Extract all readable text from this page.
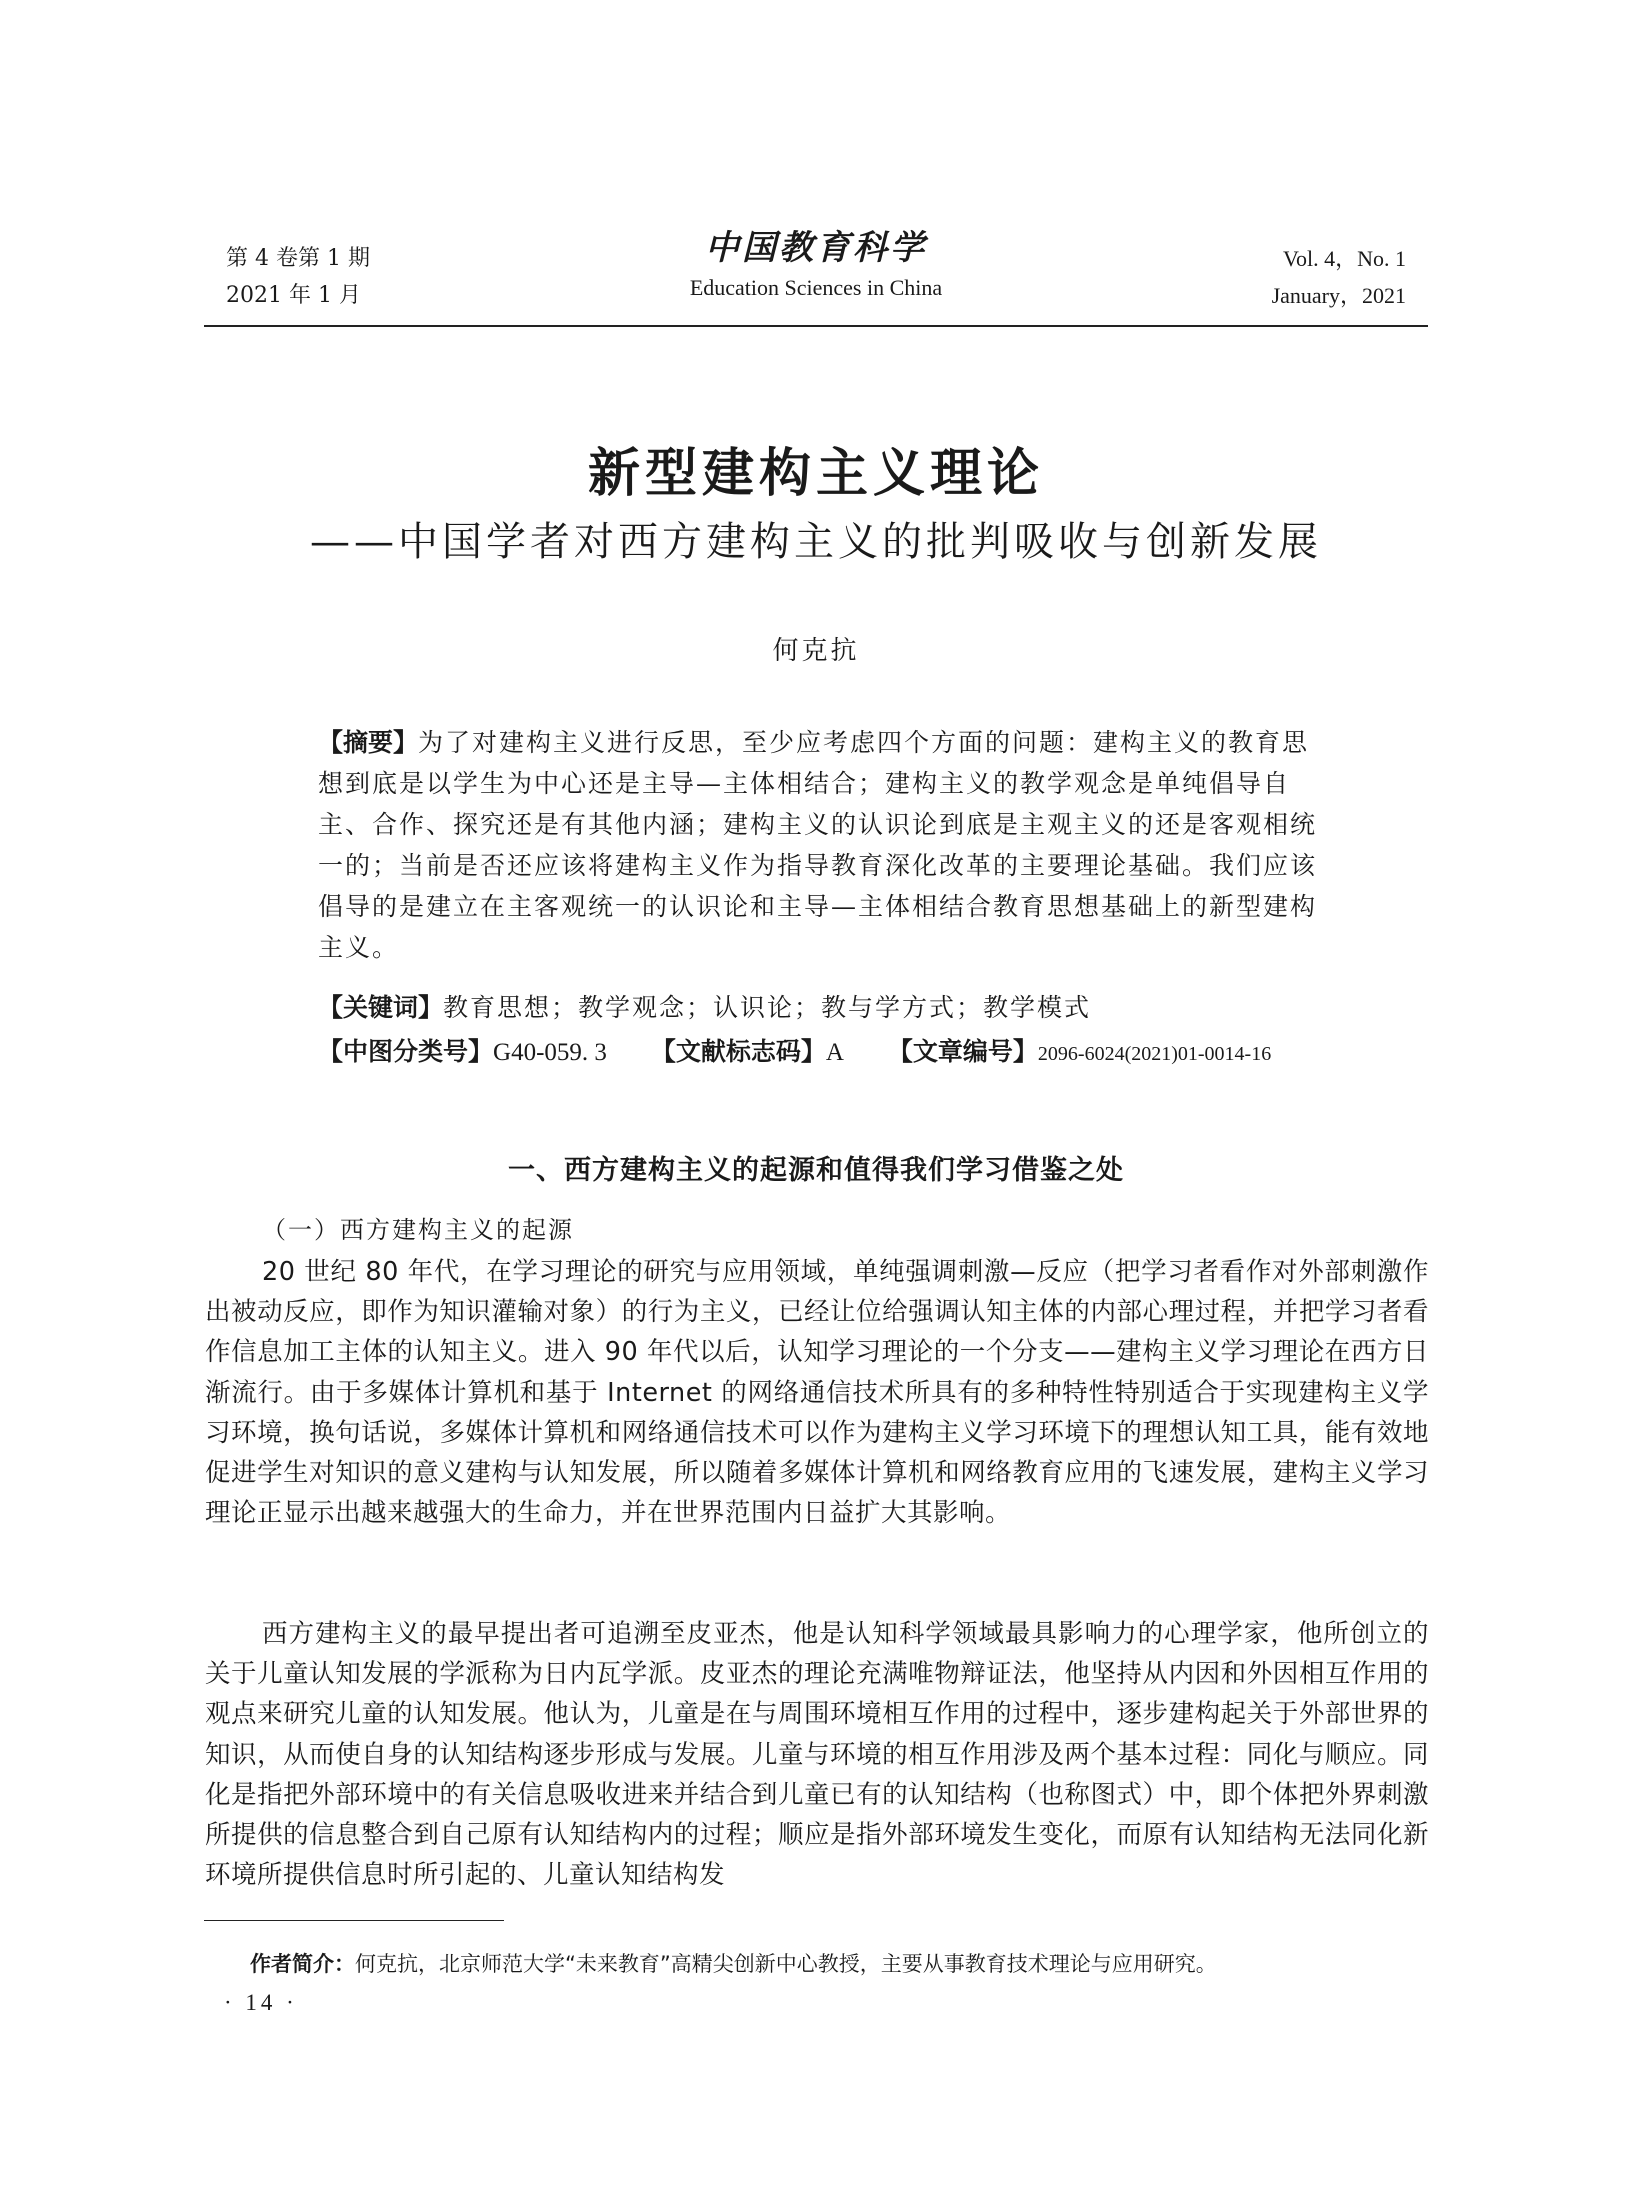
第 4 卷第 1 期
2021 年 1 月
中国教育科学
Education Sciences in China
Vol. 4，No. 1
January，2021
新型建构主义理论
——中国学者对西方建构主义的批判吸收与创新发展
何克抗
【摘要】为了对建构主义进行反思，至少应考虑四个方面的问题：建构主义的教育思想到底是以学生为中心还是主导—主体相结合；建构主义的教学观念是单纯倡导自主、合作、探究还是有其他内涵；建构主义的认识论到底是主观主义的还是客观相统一的；当前是否还应该将建构主义作为指导教育深化改革的主要理论基础。我们应该倡导的是建立在主客观统一的认识论和主导—主体相结合教育思想基础上的新型建构主义。
【关键词】教育思想；教学观念；认识论；教与学方式；教学模式
【中图分类号】G40-059. 3 【文献标志码】A 【文章编号】2096-6024(2021)01-0014-16
一、西方建构主义的起源和值得我们学习借鉴之处
（一）西方建构主义的起源

20 世纪 80 年代，在学习理论的研究与应用领域，单纯强调刺激—反应（把学习者看作对外部刺激作出被动反应，即作为知识灌输对象）的行为主义，已经让位给强调认知主体的内部心理过程，并把学习者看作信息加工主体的认知主义。进入 90 年代以后，认知学习理论的一个分支——建构主义学习理论在西方日渐流行。由于多媒体计算机和基于 Internet 的网络通信技术所具有的多种特性特别适合于实现建构主义学习环境，换句话说，多媒体计算机和网络通信技术可以作为建构主义学习环境下的理想认知工具，能有效地促进学生对知识的意义建构与认知发展，所以随着多媒体计算机和网络教育应用的飞速发展，建构主义学习理论正显示出越来越强大的生命力，并在世界范围内日益扩大其影响。

西方建构主义的最早提出者可追溯至皮亚杰，他是认知科学领域最具影响力的心理学家，他所创立的关于儿童认知发展的学派称为日内瓦学派。皮亚杰的理论充满唯物辩证法，他坚持从内因和外因相互作用的观点来研究儿童的认知发展。他认为，儿童是在与周围环境相互作用的过程中，逐步建构起关于外部世界的知识，从而使自身的认知结构逐步形成与发展。儿童与环境的相互作用涉及两个基本过程：同化与顺应。同化是指把外部环境中的有关信息吸收进来并结合到儿童已有的认知结构（也称图式）中，即个体把外界刺激所提供的信息整合到自己原有认知结构内的过程；顺应是指外部环境发生变化，而原有认知结构无法同化新环境所提供信息时所引起的、儿童认知结构发

作者简介：何克抗，北京师范大学“未来教育”高精尖创新中心教授，主要从事教育技术理论与应用研究。
· 14 ·
